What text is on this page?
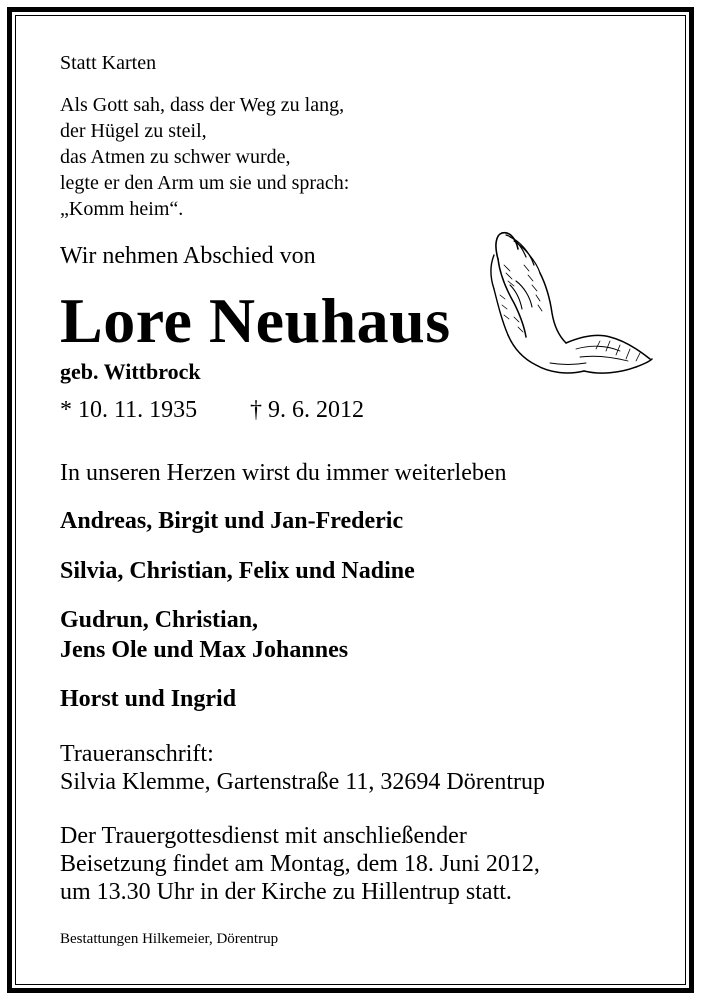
Statt Karten

Als Gott sah, dass der Weg zu lang,
der Hügel zu steil,
das Atmen zu schwer wurde,
legte er den Arm um sie und sprach:
„Komm heim“.

Wir nehmen Abschied von

Lore Neuhaus

geb. Wittbrock

* 10. 11. 1935 † 9. 6. 2012

In unseren Herzen wirst du immer weiterleben

Andreas, Birgit und Jan-Frederic

Silvia, Christian, Felix und Nadine

Gudrun, Christian,
Jens Ole und Max Johannes

Horst und Ingrid

Traueranschrift:
Silvia Klemme, Gartenstraße 11, 32694 Dörentrup

Der Trauergottesdienst mit anschließender
Beisetzung findet am Montag, dem 18. Juni 2012,
um 13.30 Uhr in der Kirche zu Hillentrup statt.

Bestattungen Hilkemeier, Dörentrup
